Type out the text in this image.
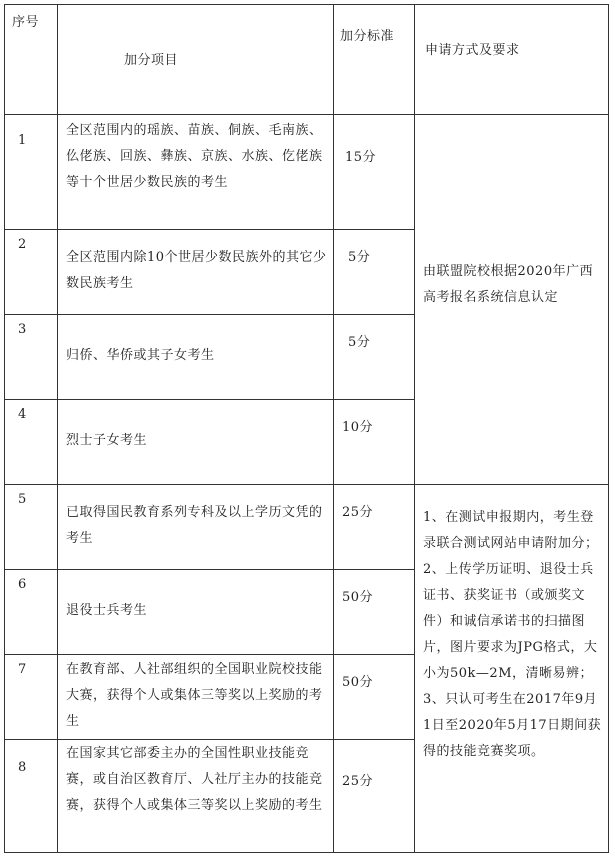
序号
加分项目
加分标准
申请方式及要求
1
全区范围内的瑶族、苗族、侗族、毛南族、仫佬族、回族、彝族、京族、水族、仡佬族等十个世居少数民族的考生
15分
2
全区范围内除10个世居少数民族外的其它少数民族考生
5分
3
归侨、华侨或其子女考生
5分
4
烈士子女考生
10分
5
已取得国民教育系列专科及以上学历文凭的考生
25分
6
退役士兵考生
50分
7	在教育部、人社部组织的全国职业院校技能大赛，获得个人或集体三等奖以上奖励的考生
50分
8
在国家其它部委主办的全国性职业技能竞赛，或自治区教育厅、人社厅主办的技能竞赛，获得个人或集体三等奖以上奖励的考生
25分
由联盟院校根据2020年广西高考报名系统信息认定
1、在测试申报期内，考生登录联合测试网站申请附加分；2、上传学历证明、退役士兵证书、获奖证书（或颁奖文件）和诚信承诺书的扫描图片，图片要求为JPG格式，大小为50k—2M，清晰易辨；3、只认可考生在2017年9月1日至2020年5月17日期间获得的技能竞赛奖项。
